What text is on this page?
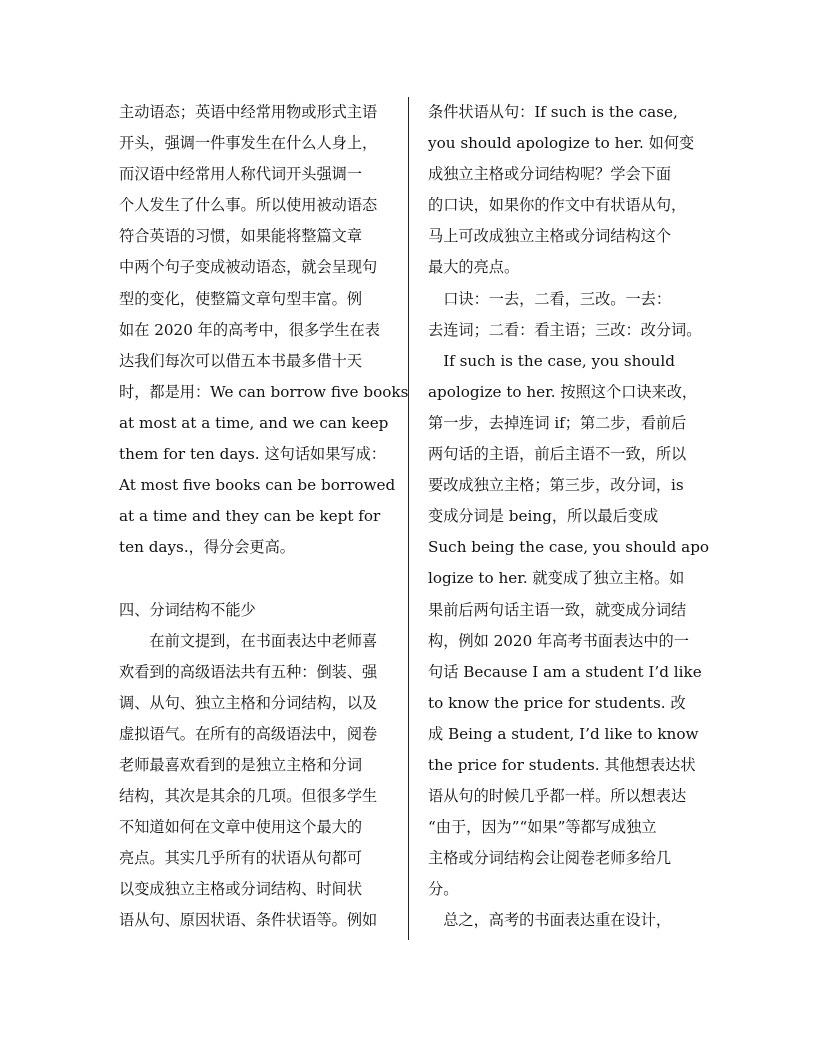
主动语态；英语中经常用物或形式主语

开头，强调一件事发生在什么人身上，

而汉语中经常用人称代词开头强调一

个人发生了什么事。所以使用被动语态

符合英语的习惯，如果能将整篇文章

中两个句子变成被动语态，就会呈现句

型的变化，使整篇文章句型丰富。例

如在 2020 年的高考中，很多学生在表

达我们每次可以借五本书最多借十天

时，都是用：We can borrow five books

at most at a time, and we can keep

them for ten days. 这句话如果写成：

At most five books can be borrowed

at a time and they can be kept for

ten days.，得分会更高。

四、分词结构不能少

　　在前文提到，在书面表达中老师喜

欢看到的高级语法共有五种：倒装、强

调、从句、独立主格和分词结构，以及

虚拟语气。在所有的高级语法中，阅卷

老师最喜欢看到的是独立主格和分词

结构，其次是其余的几项。但很多学生

不知道如何在文章中使用这个最大的

亮点。其实几乎所有的状语从句都可

以变成独立主格或分词结构、时间状

语从句、原因状语、条件状语等。例如

条件状语从句：If such is the case,

you should apologize to her. 如何变

成独立主格或分词结构呢？学会下面

的口诀，如果你的作文中有状语从句，

马上可改成独立主格或分词结构这个

最大的亮点。

　口诀：一去，二看，三改。一去：

去连词；二看：看主语；三改：改分词。

　If such is the case, you should

apologize to her. 按照这个口诀来改，

第一步，去掉连词 if；第二步，看前后

两句话的主语，前后主语不一致，所以

要改成独立主格；第三步，改分词，is

变成分词是 being，所以最后变成

Such being the case, you should apo

logize to her. 就变成了独立主格。如

果前后两句话主语一致，就变成分词结

构，例如 2020 年高考书面表达中的一

句话 Because I am a student I’d like

to know the price for students. 改

成 Being a student, I’d like to know

the price for students. 其他想表达状

语从句的时候几乎都一样。所以想表达

“由于，因为”“如果”等都写成独立

主格或分词结构会让阅卷老师多给几

分。

　总之，高考的书面表达重在设计，
